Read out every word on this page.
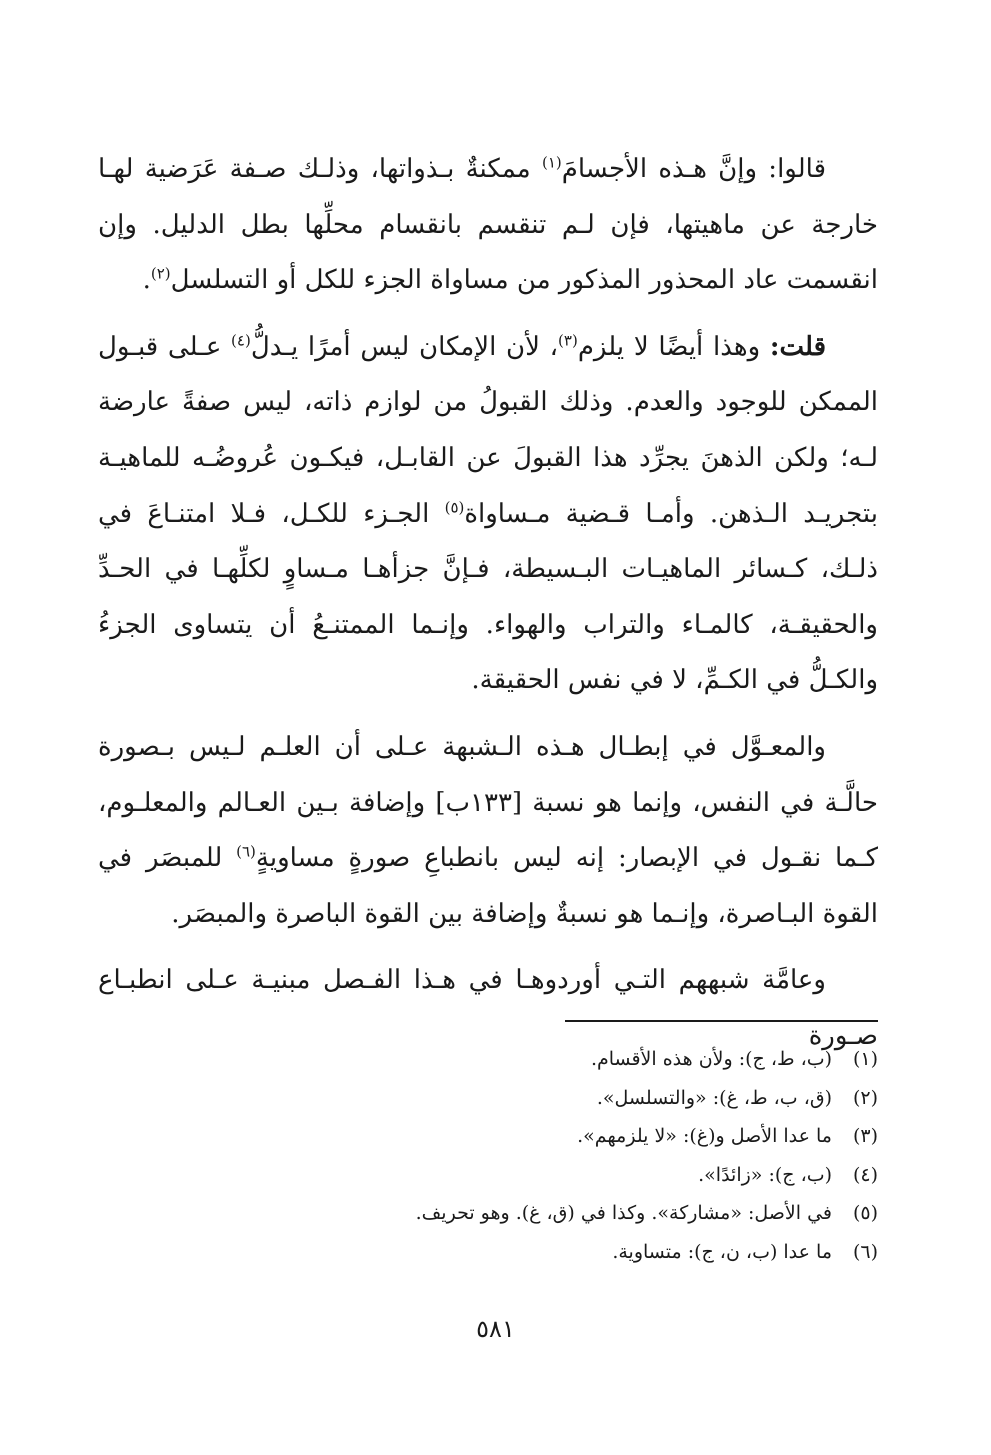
قالوا: وإنَّ هـذه الأجسامَ$^{(١)}$ ممكنةٌ بـذواتها، وذلـك صـفة عَرَضية لهـا خارجة عن ماهيتها، فإن لـم تنقسم بانقسام محلِّها بطل الدليل. وإن انقسمت عاد المحذور المذكور من مساواة الجزء للكل أو التسلسل$^{(٢)}$.

قلت: وهذا أيضًا لا يلزم$^{(٣)}$، لأن الإمكان ليس أمرًا يـدلُّ$^{(٤)}$ عـلى قبـول الممكن للوجود والعدم. وذلك القبولُ من لوازم ذاته، ليس صفةً عارضة لـه؛ ولكن الذهنَ يجرِّد هذا القبولَ عن القابـل، فيكـون عُروضُـه للماهيـة بتجريـد الـذهن. وأمـا قـضية مـساواة$^{(٥)}$ الجـزء للكـل، فـلا امتنـاعَ في ذلـك، كـسائر الماهيـات البـسيطة، فـإنَّ جزأهـا مـساوٍ لكلِّهـا في الحـدِّ والحقيقـة، كالمـاء والتراب والهواء. وإنـما الممتنـعُ أن يتساوى الجزءُ والكـلُّ في الكـمِّ، لا في نفس الحقيقة.

والمعـوَّل في إبطـال هـذه الـشبهة عـلى أن العلـم لـيس بـصورة حالَّـة في النفس، وإنما هو نسبة [١٣٣ب] وإضافة بـين العـالم والمعلـوم، كـما نقـول في الإبصار: إنه ليس بانطباعِ صورةٍ مساويةٍ$^{(٦)}$ للمبصَر في القوة البـاصرة، وإنـما هو نسبةٌ وإضافة بين القوة الباصرة والمبصَر.

وعامَّة شبههم التـي أوردوهـا في هـذا الفـصل مبنيـة عـلى انطبـاع صـورة

(١)(ب، ط، ج): ولأن هذه الأقسام.
(٢)(ق، ب، ط، غ): «والتسلسل».
(٣)ما عدا الأصل و(غ): «لا يلزمهم».
(٤)(ب، ج): «زائدًا».
(٥)في الأصل: «مشاركة». وكذا في (ق، غ). وهو تحريف.
(٦)ما عدا (ب، ن، ج): متساوية.
٥٨١
